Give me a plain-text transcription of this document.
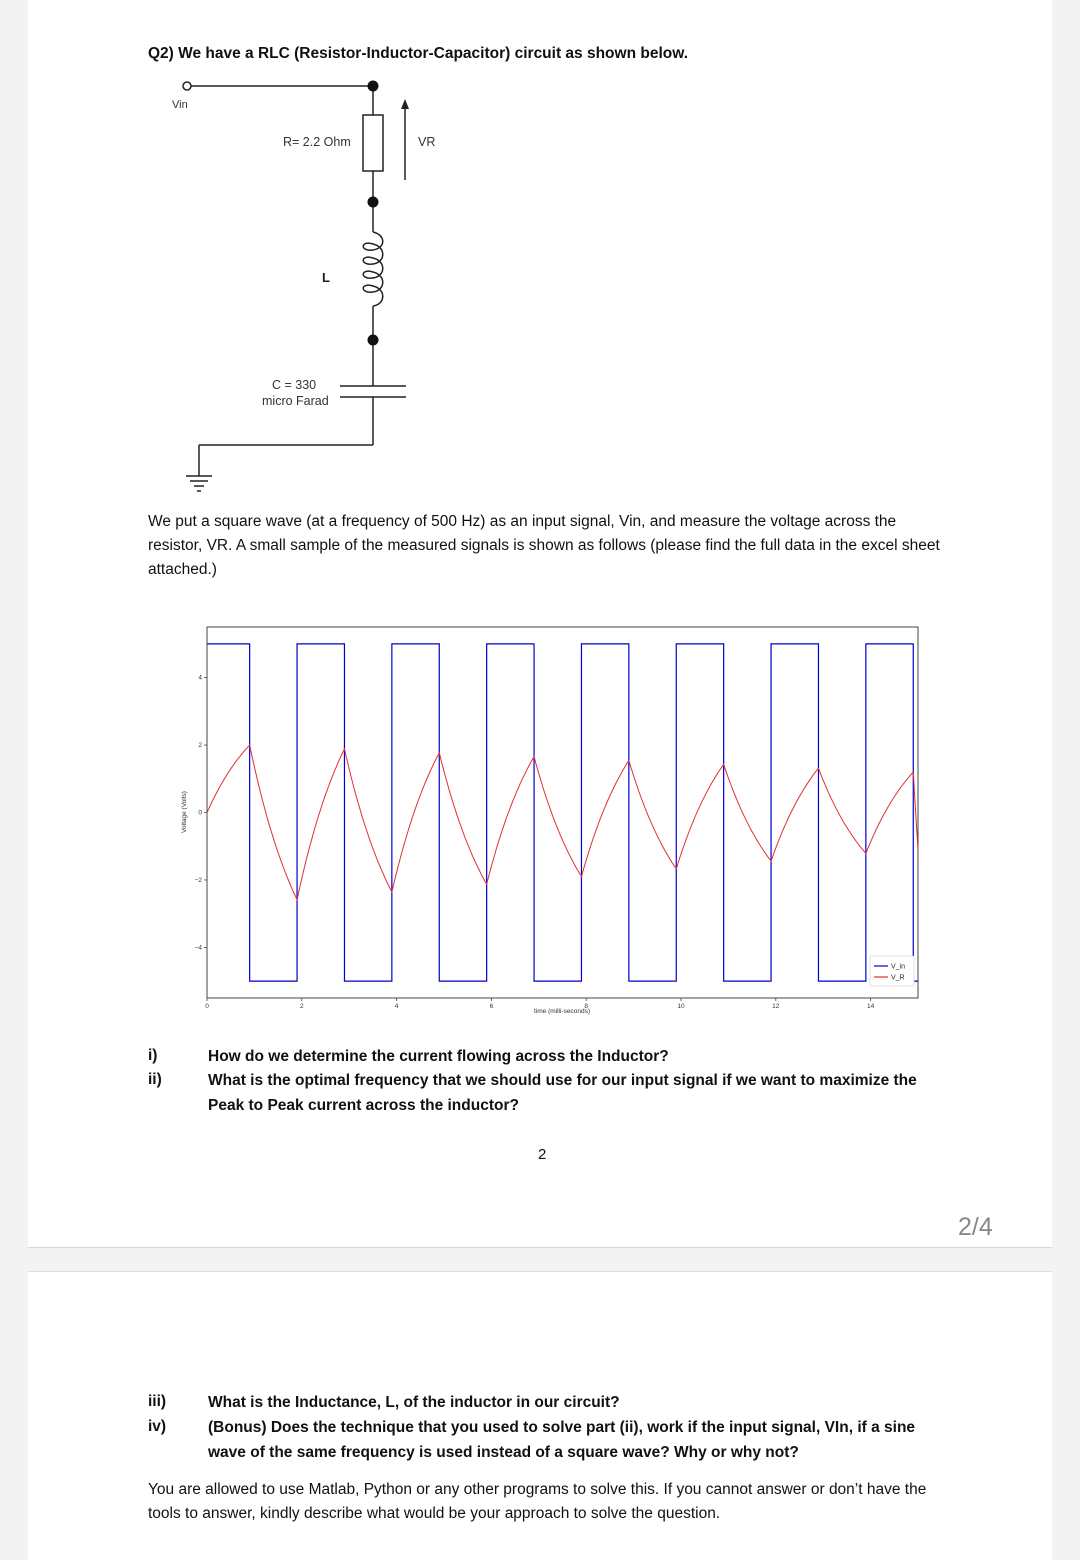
Q2) We have a RLC (Resistor-Inductor-Capacitor) circuit as shown below.
Vin
R= 2.2 Ohm	VR
L
C = 330
micro Farad
We put a square wave (at a frequency of 500 Hz) as an input signal, Vin, and measure the voltage across the resistor, VR. A small sample of the measured signals is shown as follows (please find the full data in the excel sheet attached.)
4
2
0
−2
−4
0	2	4	6	8	10	12	14
time (milli-seconds)
Voltage (Volts)
V_in
V_R
i)	How do we determine the current flowing across the Inductor?
ii)	What is the optimal frequency that we should use for our input signal if we want to maximize the Peak to Peak current across the inductor?
2
2/4
iii)	What is the Inductance, L, of the inductor in our circuit?
iv)	(Bonus) Does the technique that you used to solve part (ii), work if the input signal, VIn, if a sine wave of the same frequency is used instead of a square wave? Why or why not?
You are allowed to use Matlab, Python or any other programs to solve this. If you cannot answer or don’t have the tools to answer, kindly describe what would be your approach to solve the question.
